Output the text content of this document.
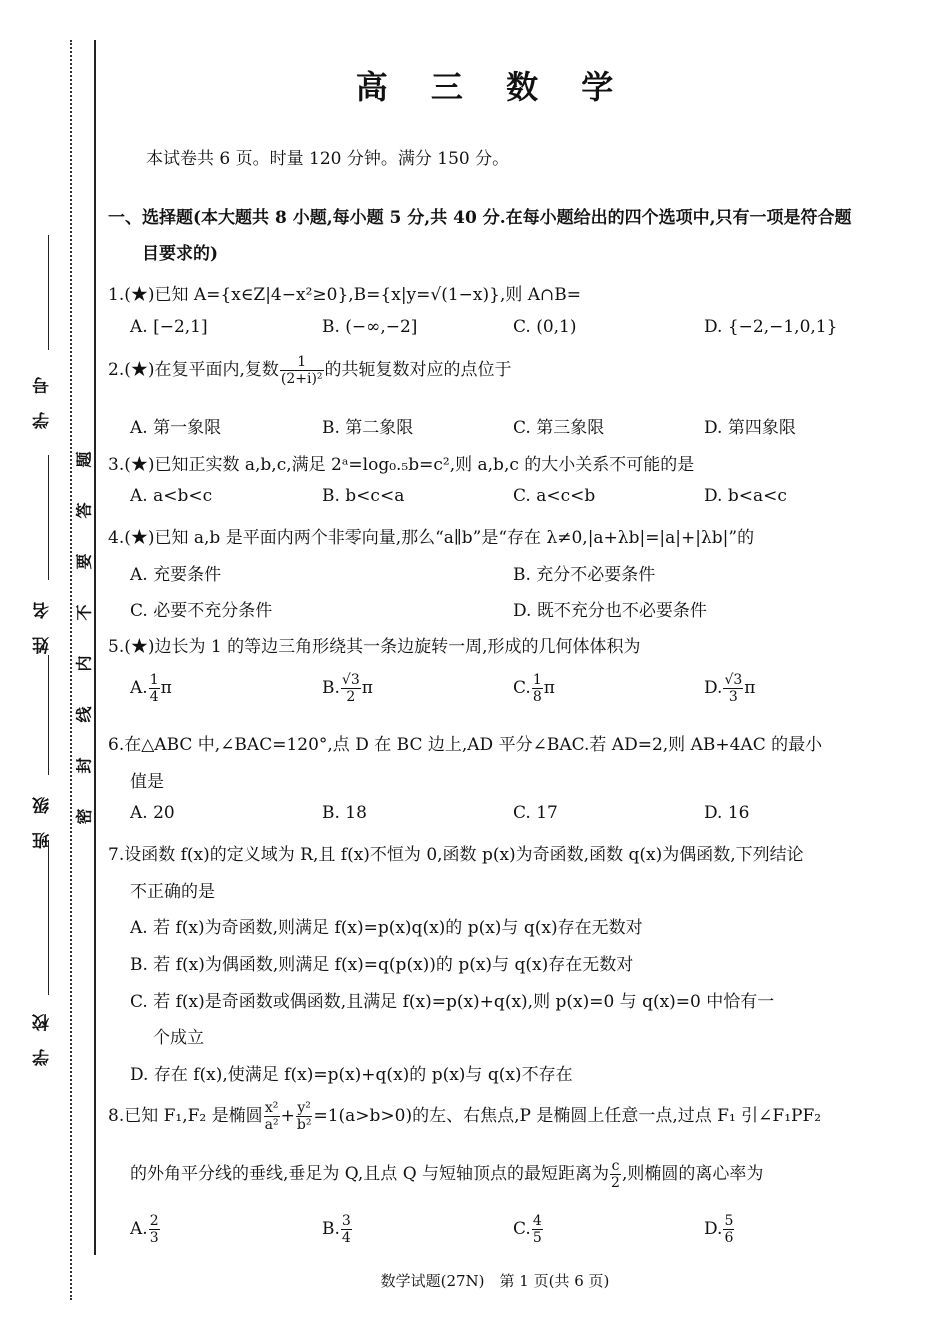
学 号
姓 名
班 级
学 校
密
封
线
内
不
要
答
题
高 三 数 学
本试卷共 6 页。时量 120 分钟。满分 150 分。
一、选择题(本大题共 8 小题,每小题 5 分,共 40 分.在每小题给出的四个选项中,只有一项是符合题
目要求的)
1.(★)已知 A={x∈Z|4−x²≥0},B={x|y=√(1−x)},则 A∩B=
A. [−2,1]	B. (−∞,−2]	C. (0,1)	D. {−2,−1,0,1}
2.(★)在复平面内,复数 $\frac{1}{\text{(2+i)²}}$ 的共轭复数对应的点位于
A. 第一象限	B. 第二象限	C. 第三象限	D. 第四象限
3.(★)已知正实数 a,b,c,满足 2ᵃ=log₀.₅b=c²,则 a,b,c 的大小关系不可能的是
A. a<b<c	B. b<c<a	C. a<c<b	D. b<a<c
4.(★)已知 a,b 是平面内两个非零向量,那么“a∥b”是“存在 λ≠0,|a+λb|=|a|+|λb|”的
A. 充要条件	B. 充分不必要条件
C. 必要不充分条件	D. 既不充分也不必要条件
5.(★)边长为 1 的等边三角形绕其一条边旋转一周,形成的几何体体积为
A. $\frac{1}{4}$ π	B. $\frac{√3}{2}$ π	C. $\frac{1}{8}$ π	D. $\frac{√3}{3}$ π
6.在△ABC 中,∠BAC=120°,点 D 在 BC 边上,AD 平分∠BAC.若 AD=2,则 AB+4AC 的最小
值是
A. 20	B. 18	C. 17	D. 16
7.设函数 f(x)的定义域为 R,且 f(x)不恒为 0,函数 p(x)为奇函数,函数 q(x)为偶函数,下列结论
不正确的是
A. 若 f(x)为奇函数,则满足 f(x)=p(x)q(x)的 p(x)与 q(x)存在无数对
B. 若 f(x)为偶函数,则满足 f(x)=q(p(x))的 p(x)与 q(x)存在无数对
C. 若 f(x)是奇函数或偶函数,且满足 f(x)=p(x)+q(x),则 p(x)=0 与 q(x)=0 中恰有一
个成立
D. 存在 f(x),使满足 f(x)=p(x)+q(x)的 p(x)与 q(x)不存在
8.已知 F₁,F₂ 是椭圆 $\frac{\text{x²}}{\text{a²}} + \frac{\text{y²}}{\text{b²}} =1(a>b>0)$的左、右焦点,P 是椭圆上任意一点,过点 F₁ 引∠F₁PF₂
的外角平分线的垂线,垂足为 Q,且点 Q 与短轴顶点的最短距离为 $\frac{c}{2}$ ,则椭圆的离心率为
A. $\frac{2}{3}$	B. $\frac{3}{4}$	C. $\frac{4}{5}$	D. $\frac{5}{6}$
数学试题(27N)　第 1 页(共 6 页)
